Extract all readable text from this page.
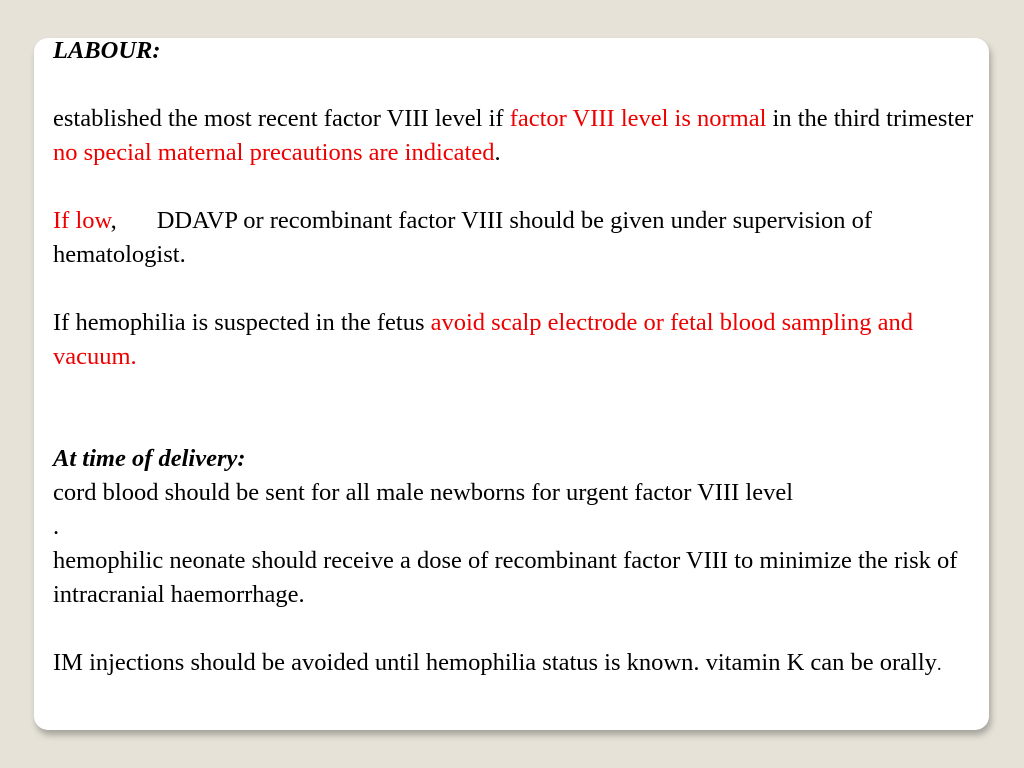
LABOUR:

established the most recent factor VIII level if factor VIII level is normal in the third trimester no special maternal precautions are indicated.

If low, DDAVP or recombinant factor VIII should be given under supervision of hematologist.

If hemophilia is suspected in the fetus avoid scalp electrode or fetal blood sampling and vacuum.

At time of delivery:

cord blood should be sent for all male newborns for urgent factor VIII level

.

hemophilic neonate should receive a dose of recombinant factor VIII to minimize the risk of intracranial haemorrhage.

IM injections should be avoided until hemophilia status is known. vitamin K can be orally.
